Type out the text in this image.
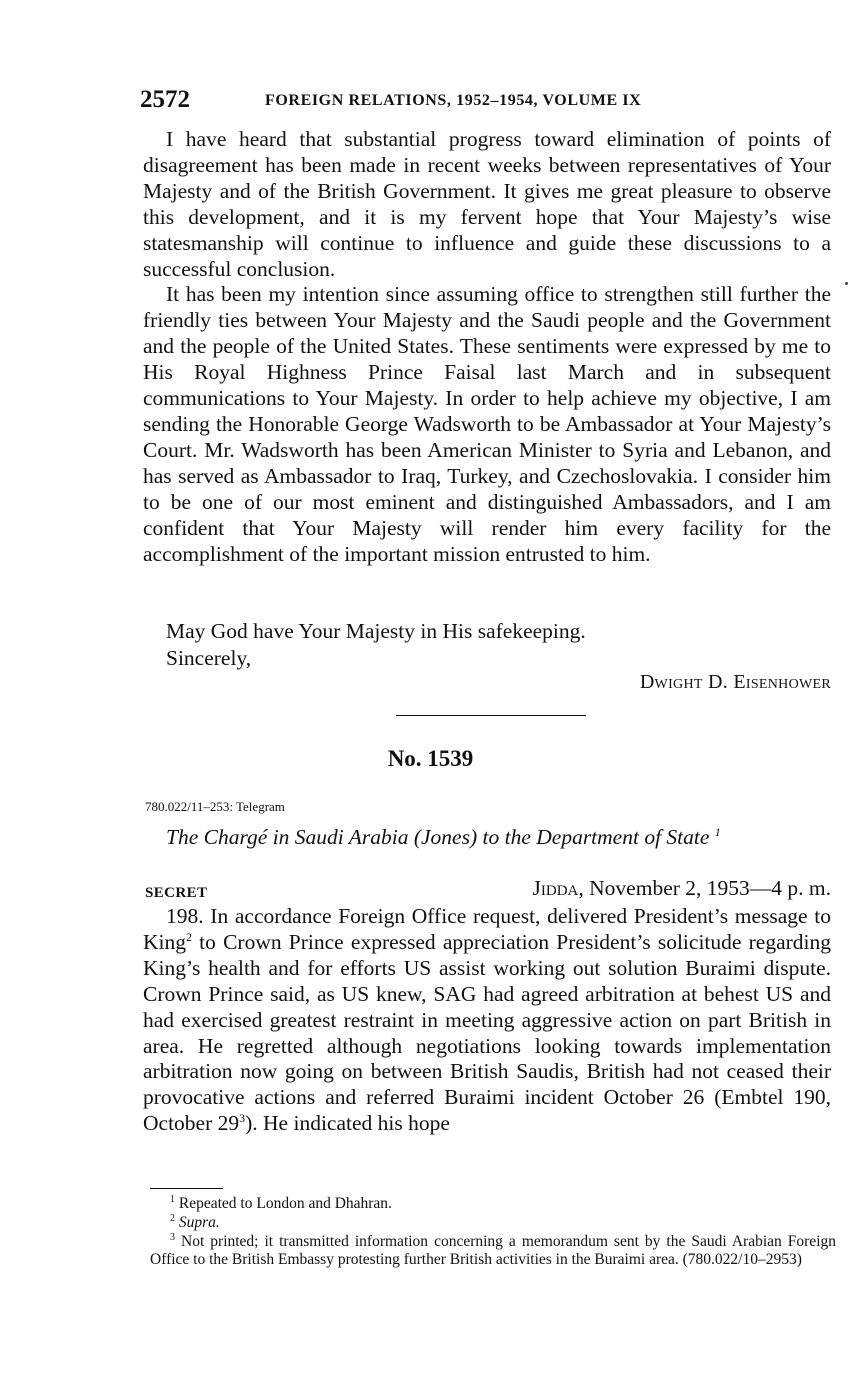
2572	FOREIGN RELATIONS, 1952–1954, VOLUME IX

I have heard that substantial progress toward elimination of points of disagreement has been made in recent weeks between representatives of Your Majesty and of the British Government. It gives me great pleasure to observe this development, and it is my fervent hope that Your Majesty’s wise statesmanship will continue to influence and guide these discussions to a successful conclusion.

It has been my intention since assuming office to strengthen still further the friendly ties between Your Majesty and the Saudi people and the Government and the people of the United States. These sentiments were expressed by me to His Royal Highness Prince Faisal last March and in subsequent communications to Your Majesty. In order to help achieve my objective, I am sending the Honorable George Wadsworth to be Ambassador at Your Majesty’s Court. Mr. Wadsworth has been American Minister to Syria and Lebanon, and has served as Ambassador to Iraq, Turkey, and Czechoslovakia. I consider him to be one of our most eminent and distinguished Ambassadors, and I am confident that Your Majesty will render him every facility for the accomplishment of the important mission entrusted to him.

May God have Your Majesty in His safekeeping.
Sincerely,
Dwight D. Eisenhower
No. 1539
780.022/11–253: Telegram
The Chargé in Saudi Arabia (Jones) to the Department of State $^1$
SECRET	Jidda, November 2, 1953—4 p. m.

198. In accordance Foreign Office request, delivered President’s message to King$^2$ to Crown Prince expressed appreciation President’s solicitude regarding King’s health and for efforts US assist working out solution Buraimi dispute. Crown Prince said, as US knew, SAG had agreed arbitration at behest US and had exercised greatest restraint in meeting aggressive action on part British in area. He regretted although negotiations looking towards implementation arbitration now going on between British Saudis, British had not ceased their provocative actions and referred Buraimi incident October 26 (Embtel 190, October $29^3$). He indicated his hope

$^1$ Repeated to London and Dhahran.

$^2$ Supra.

$^3$ Not printed; it transmitted information concerning a memorandum sent by the Saudi Arabian Foreign Office to the British Embassy protesting further British activities in the Buraimi area. (780.022/10–2953)
